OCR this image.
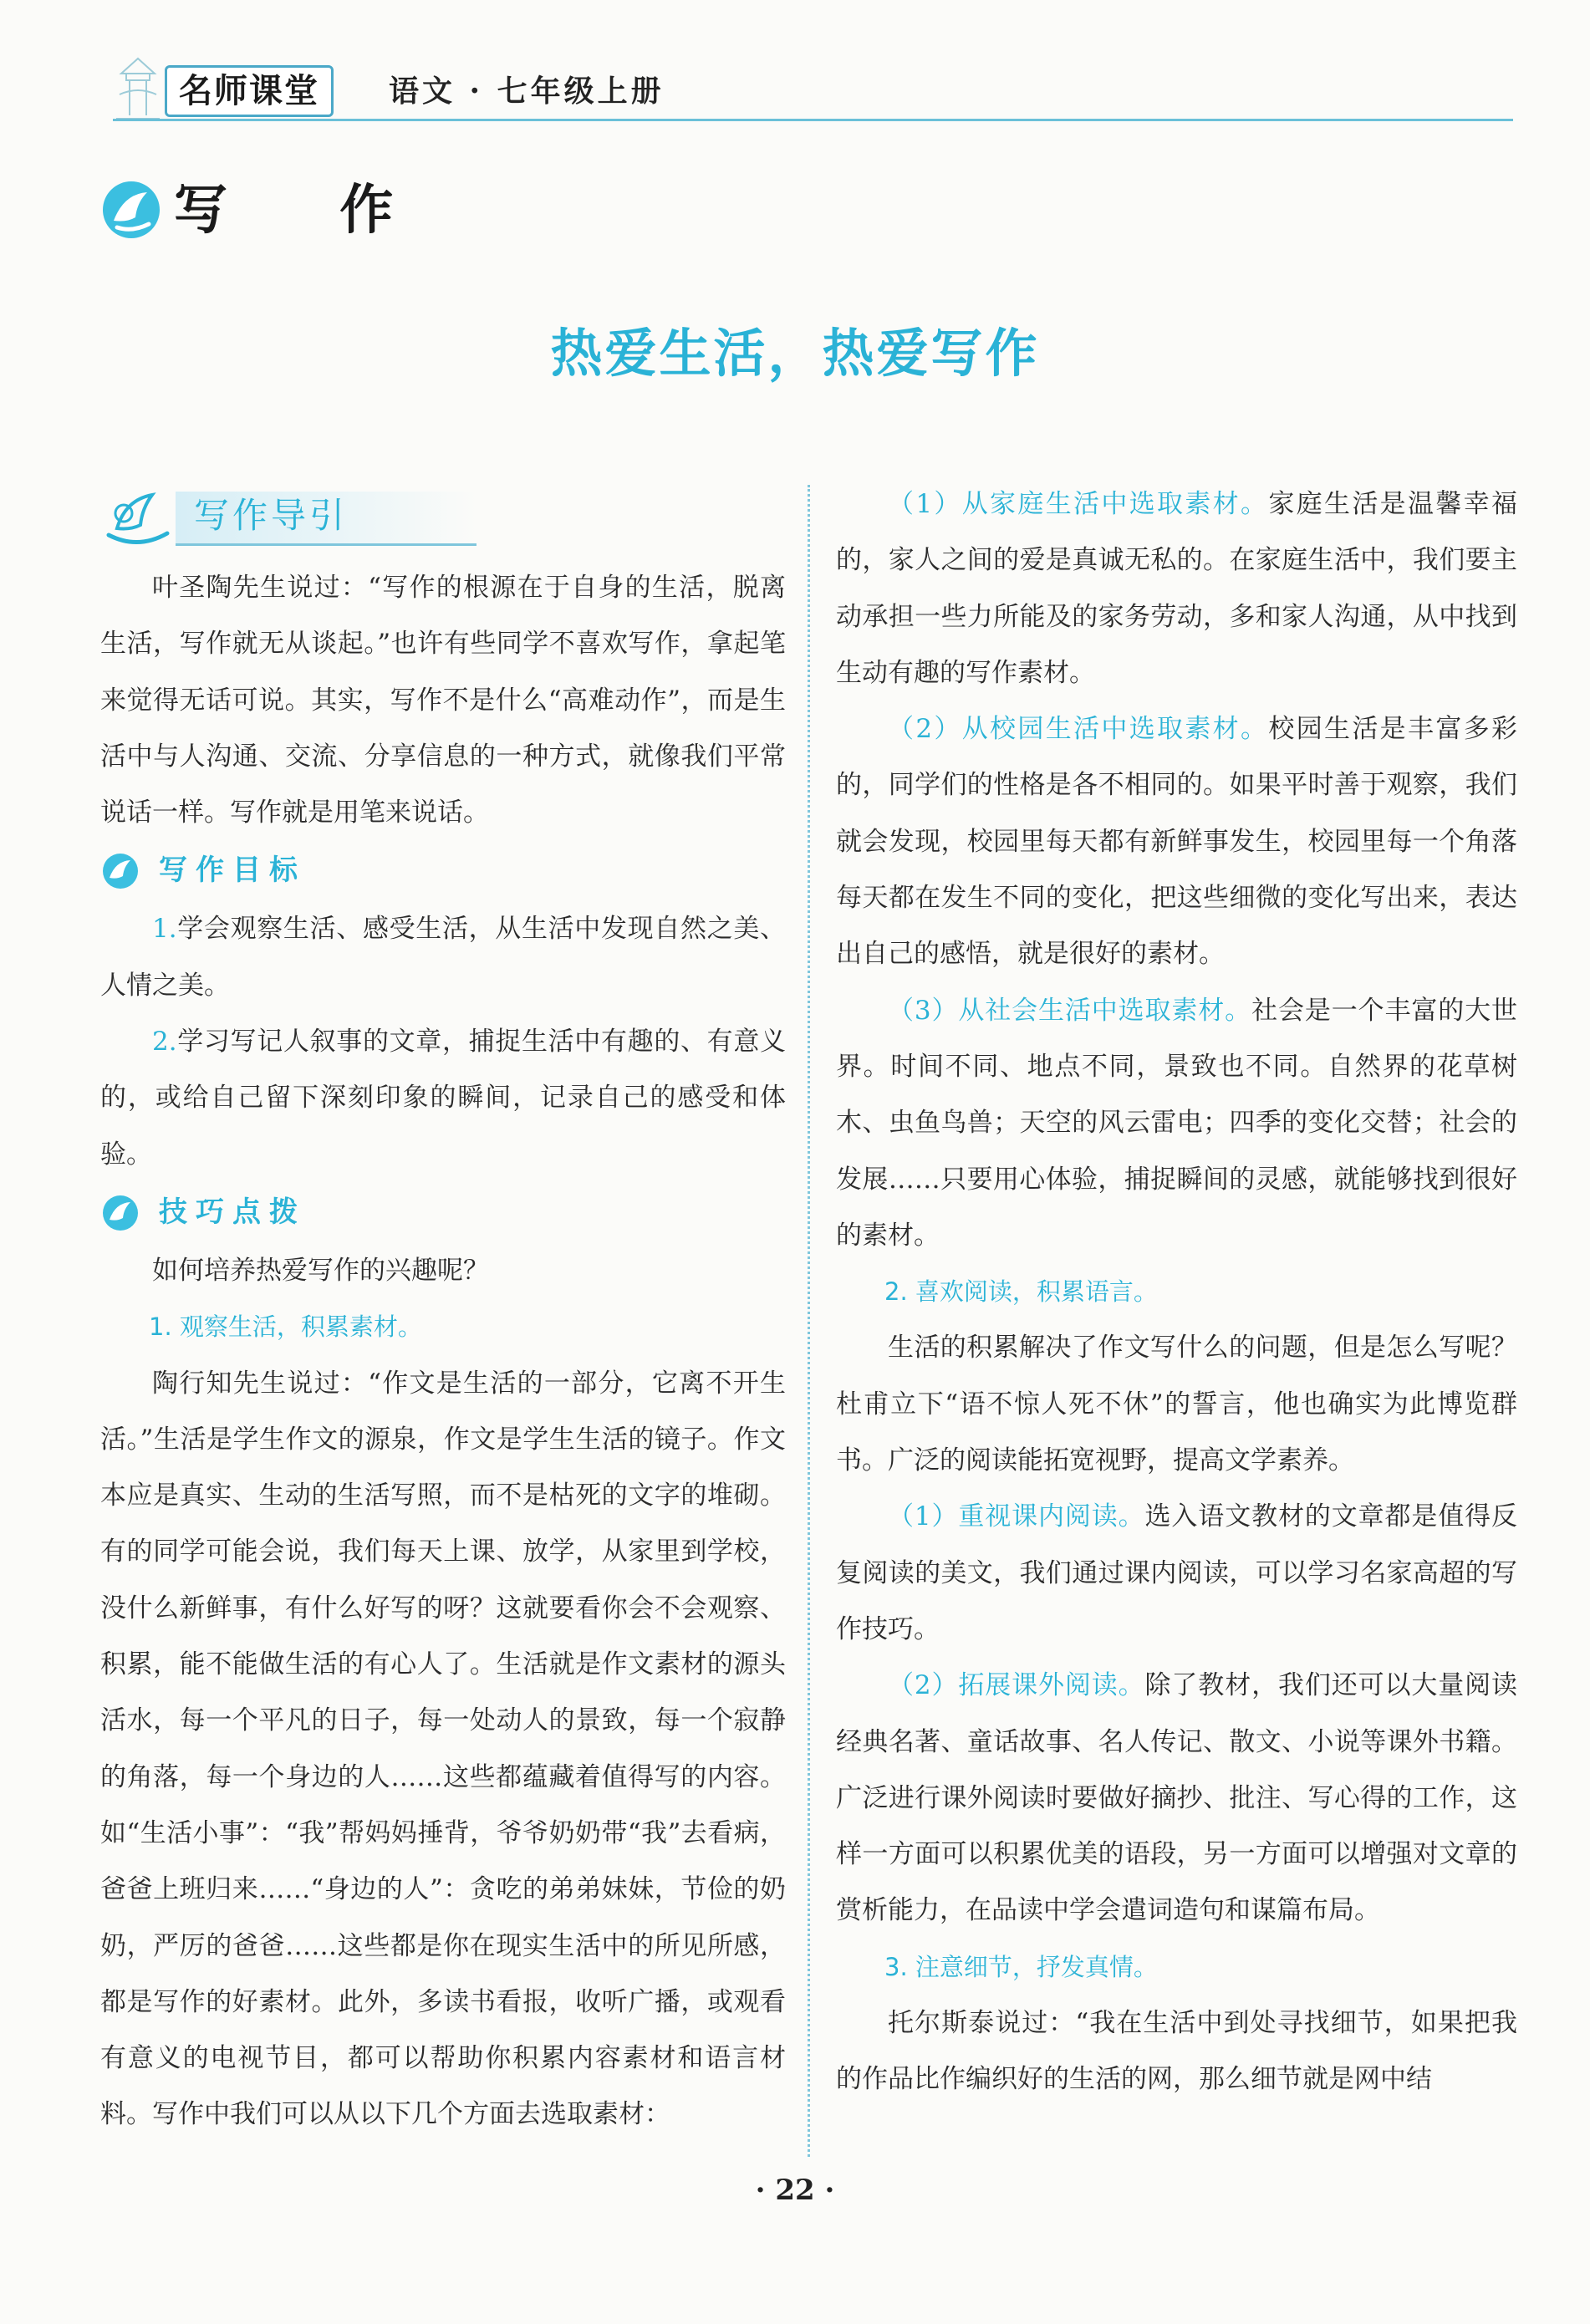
名师课堂	语文 · 七年级上册
写 作
热爱生活，热爱写作
写作导引

叶圣陶先生说过：“写作的根源在于自身的生活，脱离生活，写作就无从谈起。”也许有些同学不喜欢写作，拿起笔来觉得无话可说。其实，写作不是什么“高难动作”，而是生活中与人沟通、交流、分享信息的一种方式，就像我们平常说话一样。写作就是用笔来说话。

写作目标

1.学会观察生活、感受生活，从生活中发现自然之美、人情之美。

2.学习写记人叙事的文章，捕捉生活中有趣的、有意义的，或给自己留下深刻印象的瞬间，记录自己的感受和体验。

技巧点拨

如何培养热爱写作的兴趣呢？

1. 观察生活，积累素材。

陶行知先生说过：“作文是生活的一部分，它离不开生活。”生活是学生作文的源泉，作文是学生生活的镜子。作文本应是真实、生动的生活写照，而不是枯死的文字的堆砌。有的同学可能会说，我们每天上课、放学，从家里到学校，没什么新鲜事，有什么好写的呀？这就要看你会不会观察、积累，能不能做生活的有心人了。生活就是作文素材的源头活水，每一个平凡的日子，每一处动人的景致，每一个寂静的角落，每一个身边的人……这些都蕴藏着值得写的内容。如“生活小事”：“我”帮妈妈捶背，爷爷奶奶带“我”去看病，爸爸上班归来……“身边的人”：贪吃的弟弟妹妹，节俭的奶奶，严厉的爸爸……这些都是你在现实生活中的所见所感，都是写作的好素材。此外，多读书看报，收听广播，或观看有意义的电视节目，都可以帮助你积累内容素材和语言材料。写作中我们可以从以下几个方面去选取素材：

（1）从家庭生活中选取素材。家庭生活是温馨幸福的，家人之间的爱是真诚无私的。在家庭生活中，我们要主动承担一些力所能及的家务劳动，多和家人沟通，从中找到生动有趣的写作素材。

（2）从校园生活中选取素材。校园生活是丰富多彩的，同学们的性格是各不相同的。如果平时善于观察，我们就会发现，校园里每天都有新鲜事发生，校园里每一个角落每天都在发生不同的变化，把这些细微的变化写出来，表达出自己的感悟，就是很好的素材。

（3）从社会生活中选取素材。社会是一个丰富的大世界。时间不同、地点不同，景致也不同。自然界的花草树木、虫鱼鸟兽；天空的风云雷电；四季的变化交替；社会的发展……只要用心体验，捕捉瞬间的灵感，就能够找到很好的素材。

2. 喜欢阅读，积累语言。

生活的积累解决了作文写什么的问题，但是怎么写呢？杜甫立下“语不惊人死不休”的誓言，他也确实为此博览群书。广泛的阅读能拓宽视野，提高文学素养。

（1）重视课内阅读。选入语文教材的文章都是值得反复阅读的美文，我们通过课内阅读，可以学习名家高超的写作技巧。

（2）拓展课外阅读。除了教材，我们还可以大量阅读经典名著、童话故事、名人传记、散文、小说等课外书籍。广泛进行课外阅读时要做好摘抄、批注、写心得的工作，这样一方面可以积累优美的语段，另一方面可以增强对文章的赏析能力，在品读中学会遣词造句和谋篇布局。

3. 注意细节，抒发真情。

托尔斯泰说过：“我在生活中到处寻找细节，如果把我的作品比作编织好的生活的网，那么细节就是网中结

· 22 ·
